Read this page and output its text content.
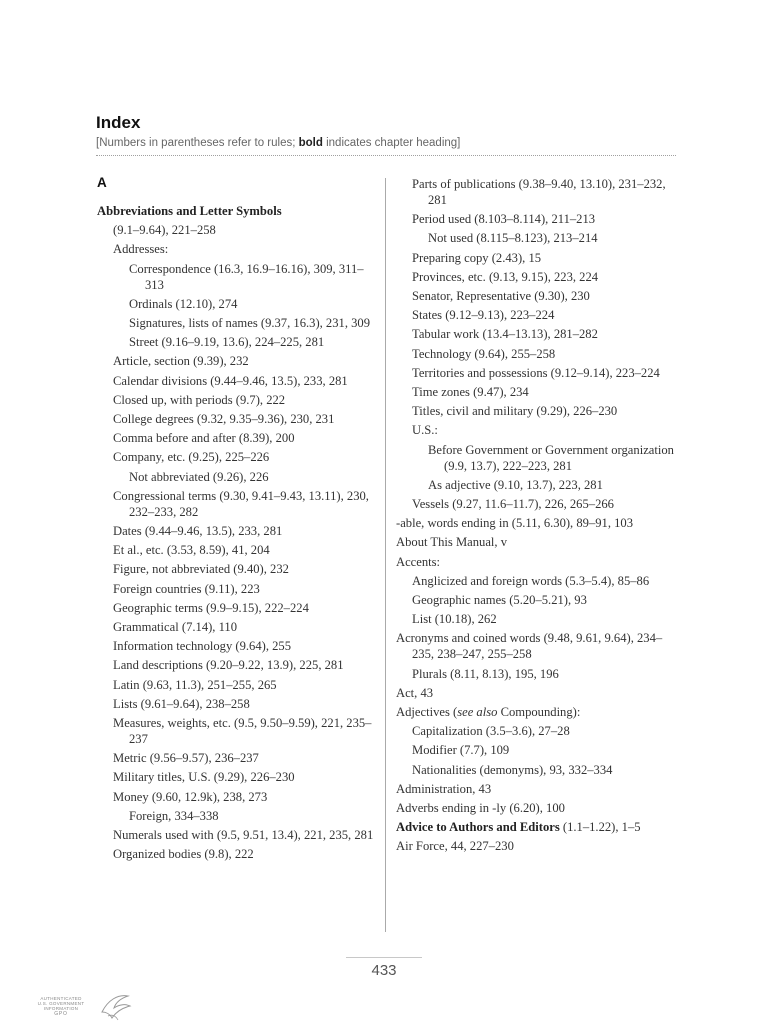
Index
[Numbers in parentheses refer to rules; bold indicates chapter heading]
A
Abbreviations and Letter Symbols
(9.1–9.64), 221–258
Addresses:
Correspondence (16.3, 16.9–16.16), 309, 311–313
Ordinals (12.10), 274
Signatures, lists of names (9.37, 16.3), 231, 309
Street (9.16–9.19, 13.6), 224–225, 281
Article, section (9.39), 232
Calendar divisions (9.44–9.46, 13.5), 233, 281
Closed up, with periods (9.7), 222
College degrees (9.32, 9.35–9.36), 230, 231
Comma before and after (8.39), 200
Company, etc. (9.25), 225–226
Not abbreviated (9.26), 226
Congressional terms (9.30, 9.41–9.43, 13.11), 230, 232–233, 282
Dates (9.44–9.46, 13.5), 233, 281
Et al., etc. (3.53, 8.59), 41, 204
Figure, not abbreviated (9.40), 232
Foreign countries (9.11), 223
Geographic terms (9.9–9.15), 222–224
Grammatical (7.14), 110
Information technology (9.64), 255
Land descriptions (9.20–9.22, 13.9), 225, 281
Latin (9.63, 11.3), 251–255, 265
Lists (9.61–9.64), 238–258
Measures, weights, etc. (9.5, 9.50–9.59), 221, 235–237
Metric (9.56–9.57), 236–237
Military titles, U.S. (9.29), 226–230
Money (9.60, 12.9k), 238, 273
Foreign, 334–338
Numerals used with (9.5, 9.51, 13.4), 221, 235, 281
Organized bodies (9.8), 222
Parts of publications (9.38–9.40, 13.10), 231–232, 281
Period used (8.103–8.114), 211–213
Not used (8.115–8.123), 213–214
Preparing copy (2.43), 15
Provinces, etc. (9.13, 9.15), 223, 224
Senator, Representative (9.30), 230
States (9.12–9.13), 223–224
Tabular work (13.4–13.13), 281–282
Technology (9.64), 255–258
Territories and possessions (9.12–9.14), 223–224
Time zones (9.47), 234
Titles, civil and military (9.29), 226–230
U.S.:
Before Government or Government organization (9.9, 13.7), 222–223, 281
As adjective (9.10, 13.7), 223, 281
Vessels (9.27, 11.6–11.7), 226, 265–266
-able, words ending in (5.11, 6.30), 89–91, 103
About This Manual, v
Accents:
Anglicized and foreign words (5.3–5.4), 85–86
Geographic names (5.20–5.21), 93
List (10.18), 262
Acronyms and coined words (9.48, 9.61, 9.64), 234–235, 238–247, 255–258
Plurals (8.11, 8.13), 195, 196
Act, 43
Adjectives (see also Compounding):
Capitalization (3.5–3.6), 27–28
Modifier (7.7), 109
Nationalities (demonyms), 93, 332–334
Administration, 43
Adverbs ending in -ly (6.20), 100
Advice to Authors and Editors (1.1–1.22), 1–5
Air Force, 44, 227–230
433
AUTHENTICATED
U.S. GOVERNMENT
INFORMATION
GPO
